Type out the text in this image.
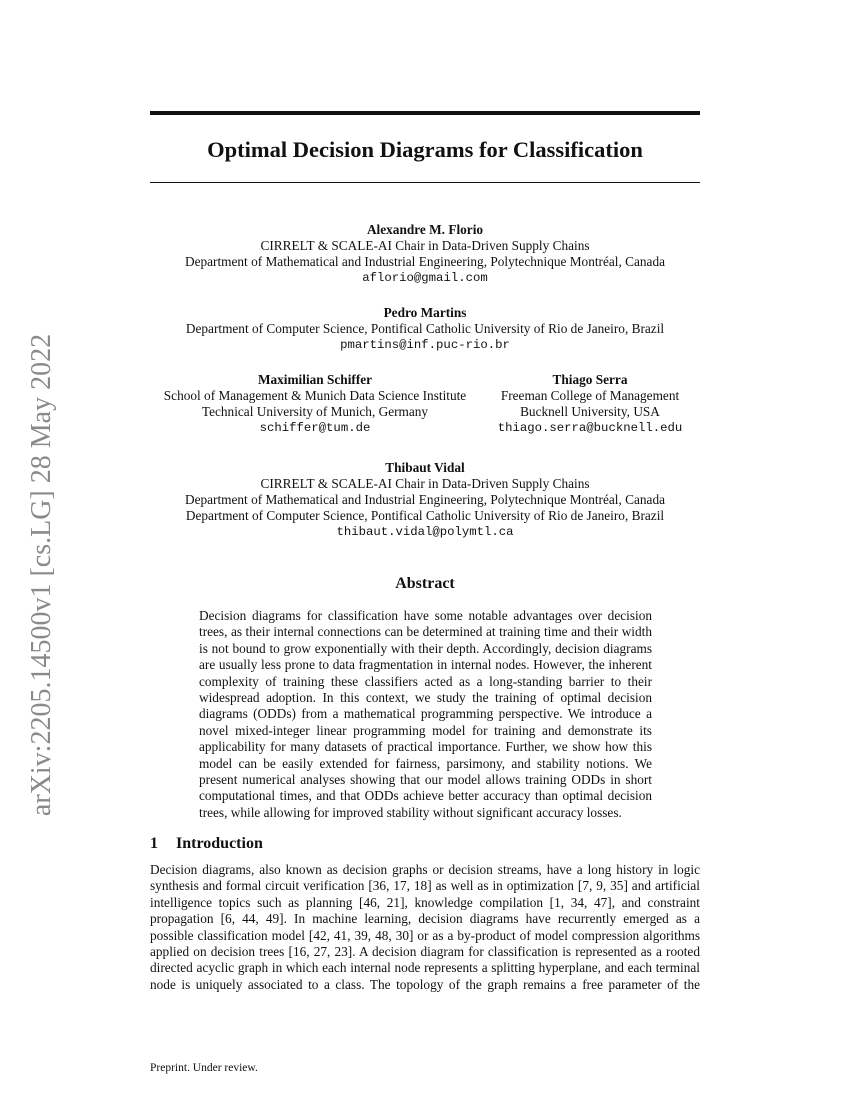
arXiv:2205.14500v1 [cs.LG] 28 May 2022
Optimal Decision Diagrams for Classification
Alexandre M. Florio
CIRRELT & SCALE-AI Chair in Data-Driven Supply Chains
Department of Mathematical and Industrial Engineering, Polytechnique Montréal, Canada
aflorio@gmail.com
Pedro Martins
Department of Computer Science, Pontifical Catholic University of Rio de Janeiro, Brazil
pmartins@inf.puc-rio.br
Maximilian Schiffer
School of Management & Munich Data Science Institute
Technical University of Munich, Germany
schiffer@tum.de
Thiago Serra
Freeman College of Management
Bucknell University, USA
thiago.serra@bucknell.edu
Thibaut Vidal
CIRRELT & SCALE-AI Chair in Data-Driven Supply Chains
Department of Mathematical and Industrial Engineering, Polytechnique Montréal, Canada
Department of Computer Science, Pontifical Catholic University of Rio de Janeiro, Brazil
thibaut.vidal@polymtl.ca
Abstract
Decision diagrams for classification have some notable advantages over decision
trees, as their internal connections can be determined at training time and their width
is not bound to grow exponentially with their depth. Accordingly, decision diagrams
are usually less prone to data fragmentation in internal nodes. However, the inherent
complexity of training these classifiers acted as a long-standing barrier to their
widespread adoption. In this context, we study the training of optimal decision
diagrams (ODDs) from a mathematical programming perspective. We introduce a
novel mixed-integer linear programming model for training and demonstrate its
applicability for many datasets of practical importance. Further, we show how this
model can be easily extended for fairness, parsimony, and stability notions. We
present numerical analyses showing that our model allows training ODDs in short
computational times, and that ODDs achieve better accuracy than optimal decision
trees, while allowing for improved stability without significant accuracy losses.
1 Introduction
Decision diagrams, also known as decision graphs or decision streams, have a long history in logic
synthesis and formal circuit verification [36, 17, 18] as well as in optimization [7, 9, 35] and artificial
intelligence topics such as planning [46, 21], knowledge compilation [1, 34, 47], and constraint
propagation [6, 44, 49]. In machine learning, decision diagrams have recurrently emerged as a
possible classification model [42, 41, 39, 48, 30] or as a by-product of model compression algorithms
applied on decision trees [16, 27, 23]. A decision diagram for classification is represented as a rooted
directed acyclic graph in which each internal node represents a splitting hyperplane, and each terminal
node is uniquely associated to a class. The topology of the graph remains a free parameter of the
Preprint. Under review.
